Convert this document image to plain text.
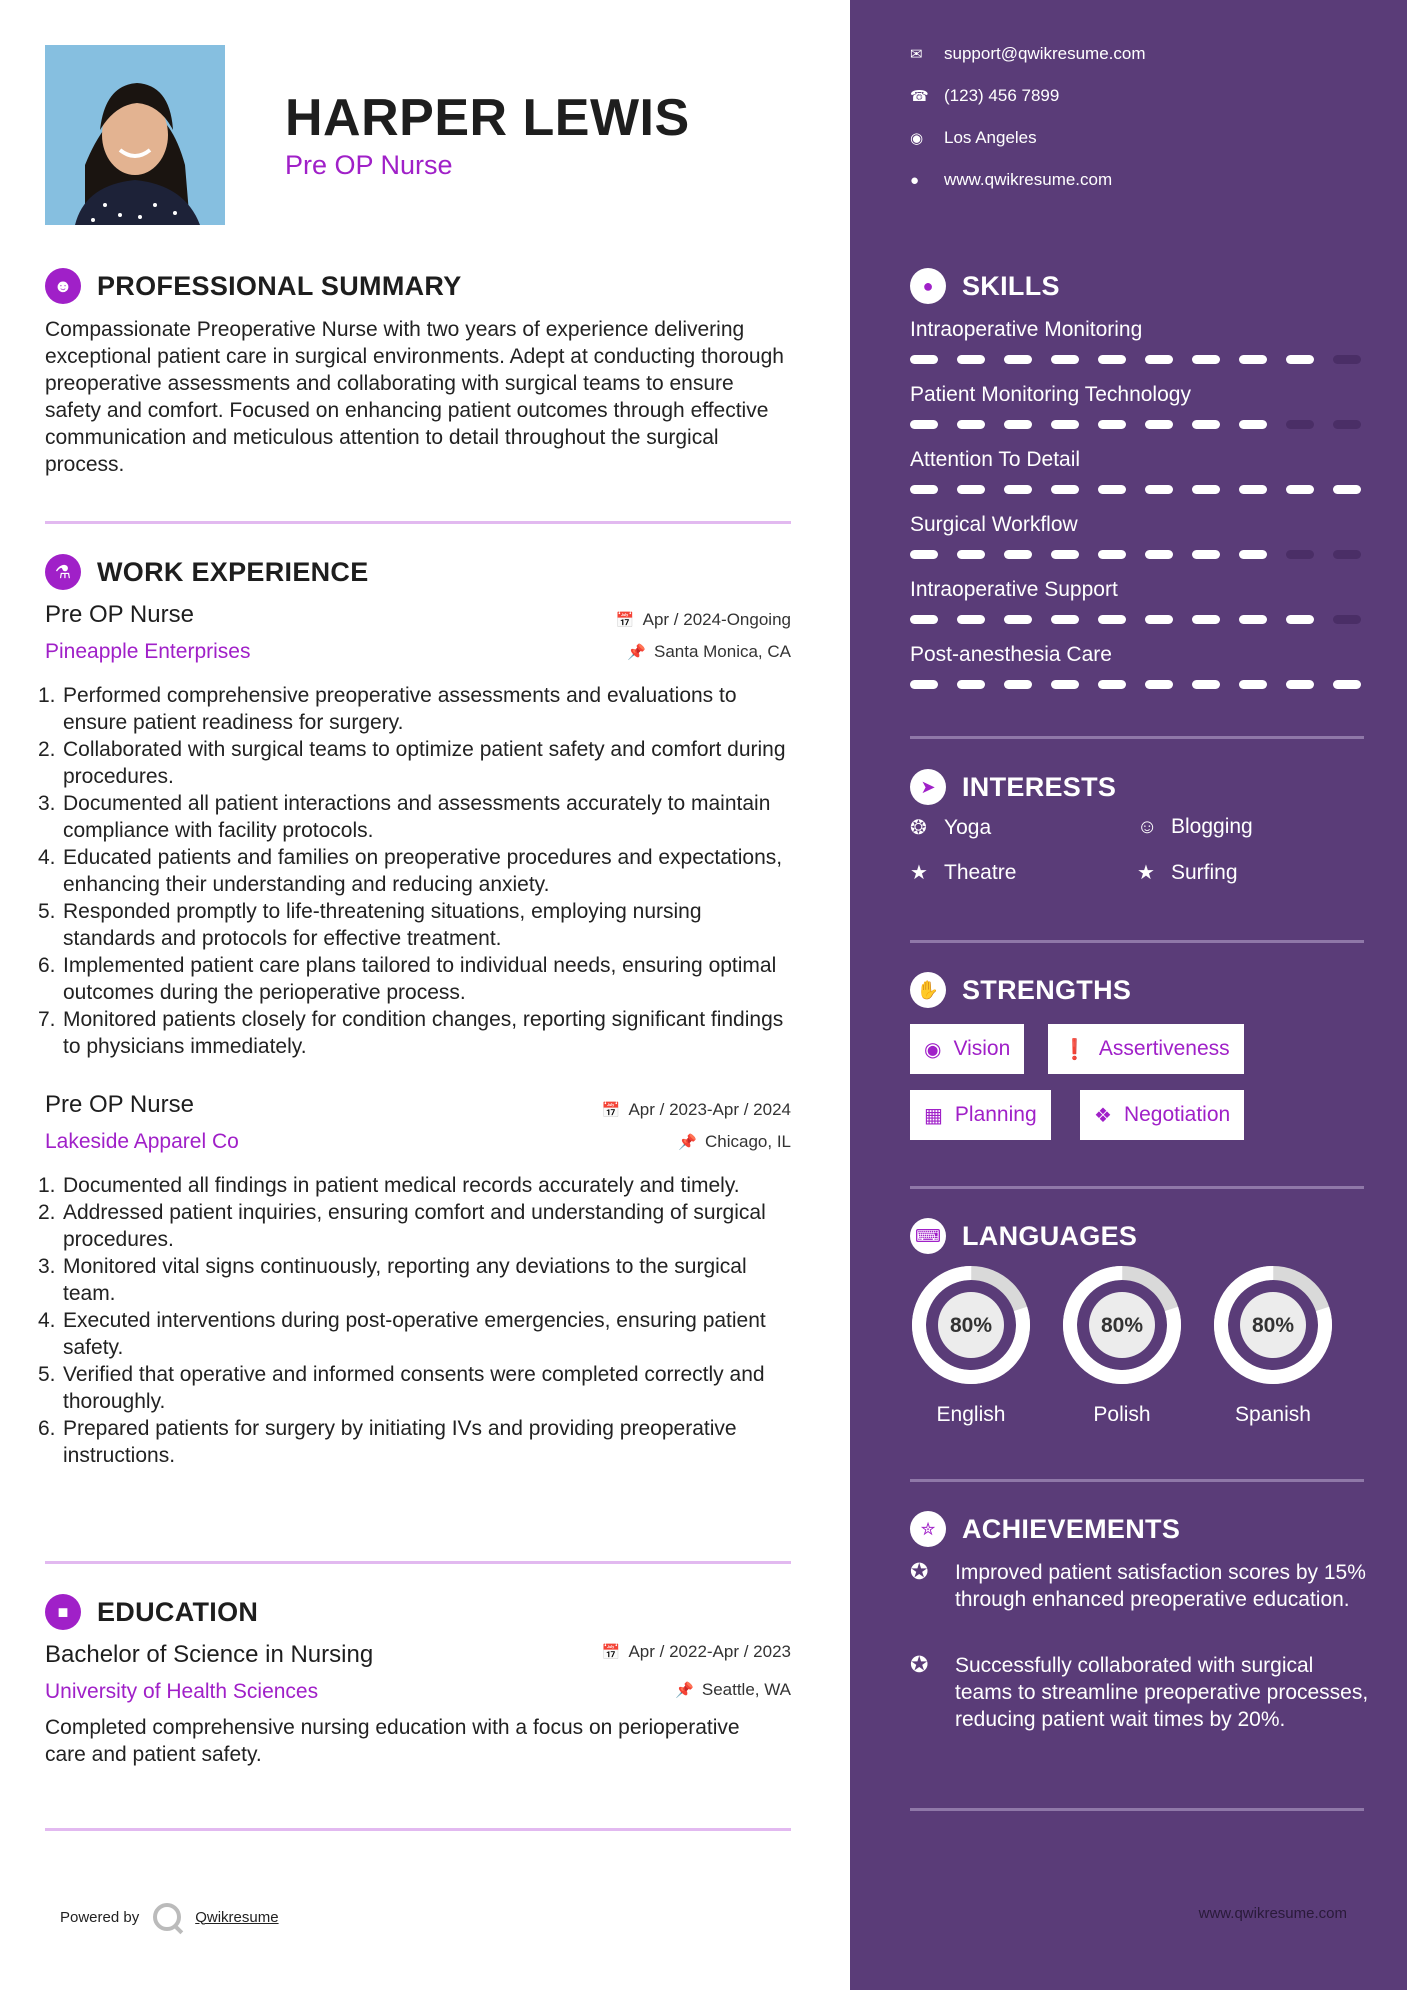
HARPER LEWIS
Pre OP Nurse
☻ PROFESSIONAL SUMMARY
Compassionate Preoperative Nurse with two years of experience delivering exceptional patient care in surgical environments. Adept at conducting thorough preoperative assessments and collaborating with surgical teams to ensure safety and comfort. Focused on enhancing patient outcomes through effective communication and meticulous attention to detail throughout the surgical process.
⚗ WORK EXPERIENCE
Pre OP Nurse	📅 Apr / 2024-Ongoing
Pineapple Enterprises	📌 Santa Monica, CA
1. Performed comprehensive preoperative assessments and evaluations to ensure patient readiness for surgery.
2. Collaborated with surgical teams to optimize patient safety and comfort during procedures.
3. Documented all patient interactions and assessments accurately to maintain compliance with facility protocols.
4. Educated patients and families on preoperative procedures and expectations, enhancing their understanding and reducing anxiety.
5. Responded promptly to life-threatening situations, employing nursing standards and protocols for effective treatment.
6. Implemented patient care plans tailored to individual needs, ensuring optimal outcomes during the perioperative process.
7. Monitored patients closely for condition changes, reporting significant findings to physicians immediately.
Pre OP Nurse	📅 Apr / 2023-Apr / 2024
Lakeside Apparel Co	📌 Chicago, IL
1. Documented all findings in patient medical records accurately and timely.
2. Addressed patient inquiries, ensuring comfort and understanding of surgical procedures.
3. Monitored vital signs continuously, reporting any deviations to the surgical team.
4. Executed interventions during post-operative emergencies, ensuring patient safety.
5. Verified that operative and informed consents were completed correctly and thoroughly.
6. Prepared patients for surgery by initiating IVs and providing preoperative instructions.
■	EDUCATION
Bachelor of Science in Nursing	📅 Apr / 2022-Apr / 2023
University of Health Sciences	📌 Seattle, WA
Completed comprehensive nursing education with a focus on perioperative care and patient safety.
Powered by	Qwikresume
✉	support@qwikresume.com
☎ (123) 456 7899
◉	Los Angeles
●	www.qwikresume.com
●	SKILLS
Intraoperative Monitoring
Patient Monitoring Technology
Attention To Detail
Surgical Workflow
Intraoperative Support
Post-anesthesia Care
➤ INTERESTS
❂ Yoga	☺ Blogging
★ Theatre	★ Surfing
✋ STRENGTHS
◉ Vision	❗ Assertiveness
▦ Planning	❖ Negotiation
⌨ LANGUAGES
80%
English
80%
Polish
80%
Spanish
✮ ACHIEVEMENTS
✪	Improved patient satisfaction scores by 15% through enhanced preoperative education.
✪	Successfully collaborated with surgical teams to streamline preoperative processes, reducing patient wait times by 20%.
www.qwikresume.com
